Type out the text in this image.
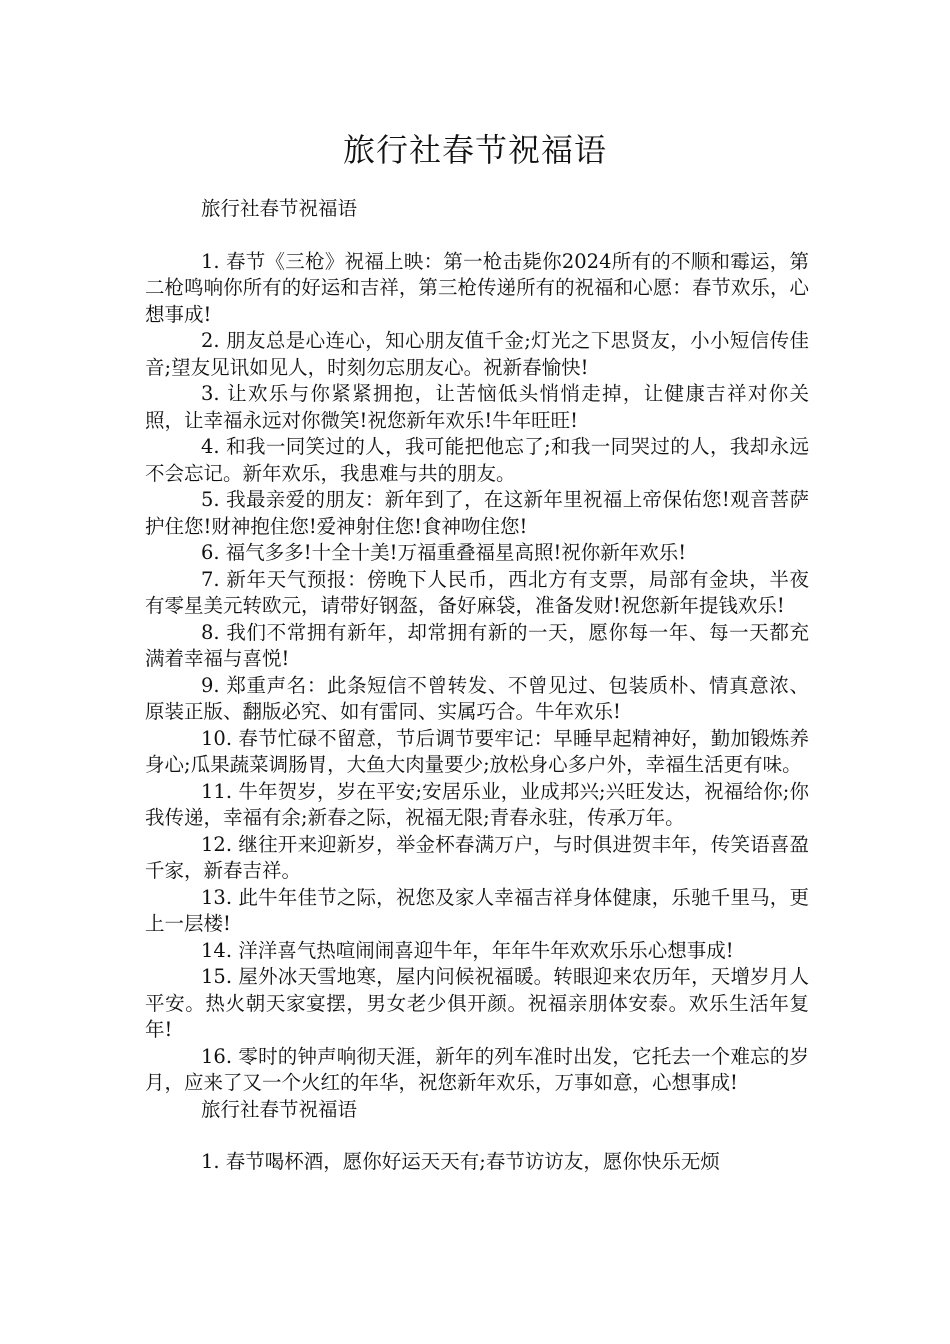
旅行社春节祝福语

旅行社春节祝福语

1. 春节《三枪》祝福上映：第一枪击毙你2024所有的不顺和霉运，第二枪鸣响你所有的好运和吉祥，第三枪传递所有的祝福和心愿：春节欢乐，心想事成!

2. 朋友总是心连心，知心朋友值千金;灯光之下思贤友，小小短信传佳音;望友见讯如见人，时刻勿忘朋友心。祝新春愉快!

3. 让欢乐与你紧紧拥抱，让苦恼低头悄悄走掉，让健康吉祥对你关照，让幸福永远对你微笑!祝您新年欢乐!牛年旺旺!

4. 和我一同笑过的人，我可能把他忘了;和我一同哭过的人，我却永远不会忘记。新年欢乐，我患难与共的朋友。

5. 我最亲爱的朋友：新年到了，在这新年里祝福上帝保佑您!观音菩萨护住您!财神抱住您!爱神射住您!食神吻住您!

6. 福气多多!十全十美!万福重叠福星高照!祝你新年欢乐!

7. 新年天气预报：傍晚下人民币，西北方有支票，局部有金块，半夜有零星美元转欧元，请带好钢盔，备好麻袋，准备发财!祝您新年提钱欢乐!

8. 我们不常拥有新年，却常拥有新的一天，愿你每一年、每一天都充满着幸福与喜悦!

9. 郑重声名：此条短信不曾转发、不曾见过、包装质朴、情真意浓、原装正版、翻版必究、如有雷同、实属巧合。牛年欢乐!

10. 春节忙碌不留意，节后调节要牢记：早睡早起精神好，勤加锻炼养身心;瓜果蔬菜调肠胃，大鱼大肉量要少;放松身心多户外，幸福生活更有味。

11. 牛年贺岁，岁在平安;安居乐业，业成邦兴;兴旺发达，祝福给你;你我传递，幸福有余;新春之际，祝福无限;青春永驻，传承万年。

12. 继往开来迎新岁，举金杯春满万户，与时俱进贺丰年，传笑语喜盈千家，新春吉祥。

13. 此牛年佳节之际，祝您及家人幸福吉祥身体健康，乐驰千里马，更上一层楼!

14. 洋洋喜气热喧闹闹喜迎牛年，年年牛年欢欢乐乐心想事成!

15. 屋外冰天雪地寒，屋内问候祝福暖。转眼迎来农历年，天增岁月人平安。热火朝天家宴摆，男女老少俱开颜。祝福亲朋体安泰。欢乐生活年复年!

16. 零时的钟声响彻天涯，新年的列车准时出发，它托去一个难忘的岁月，应来了又一个火红的年华，祝您新年欢乐，万事如意，心想事成!

旅行社春节祝福语

1. 春节喝杯酒，愿你好运天天有;春节访访友，愿你快乐无烦
